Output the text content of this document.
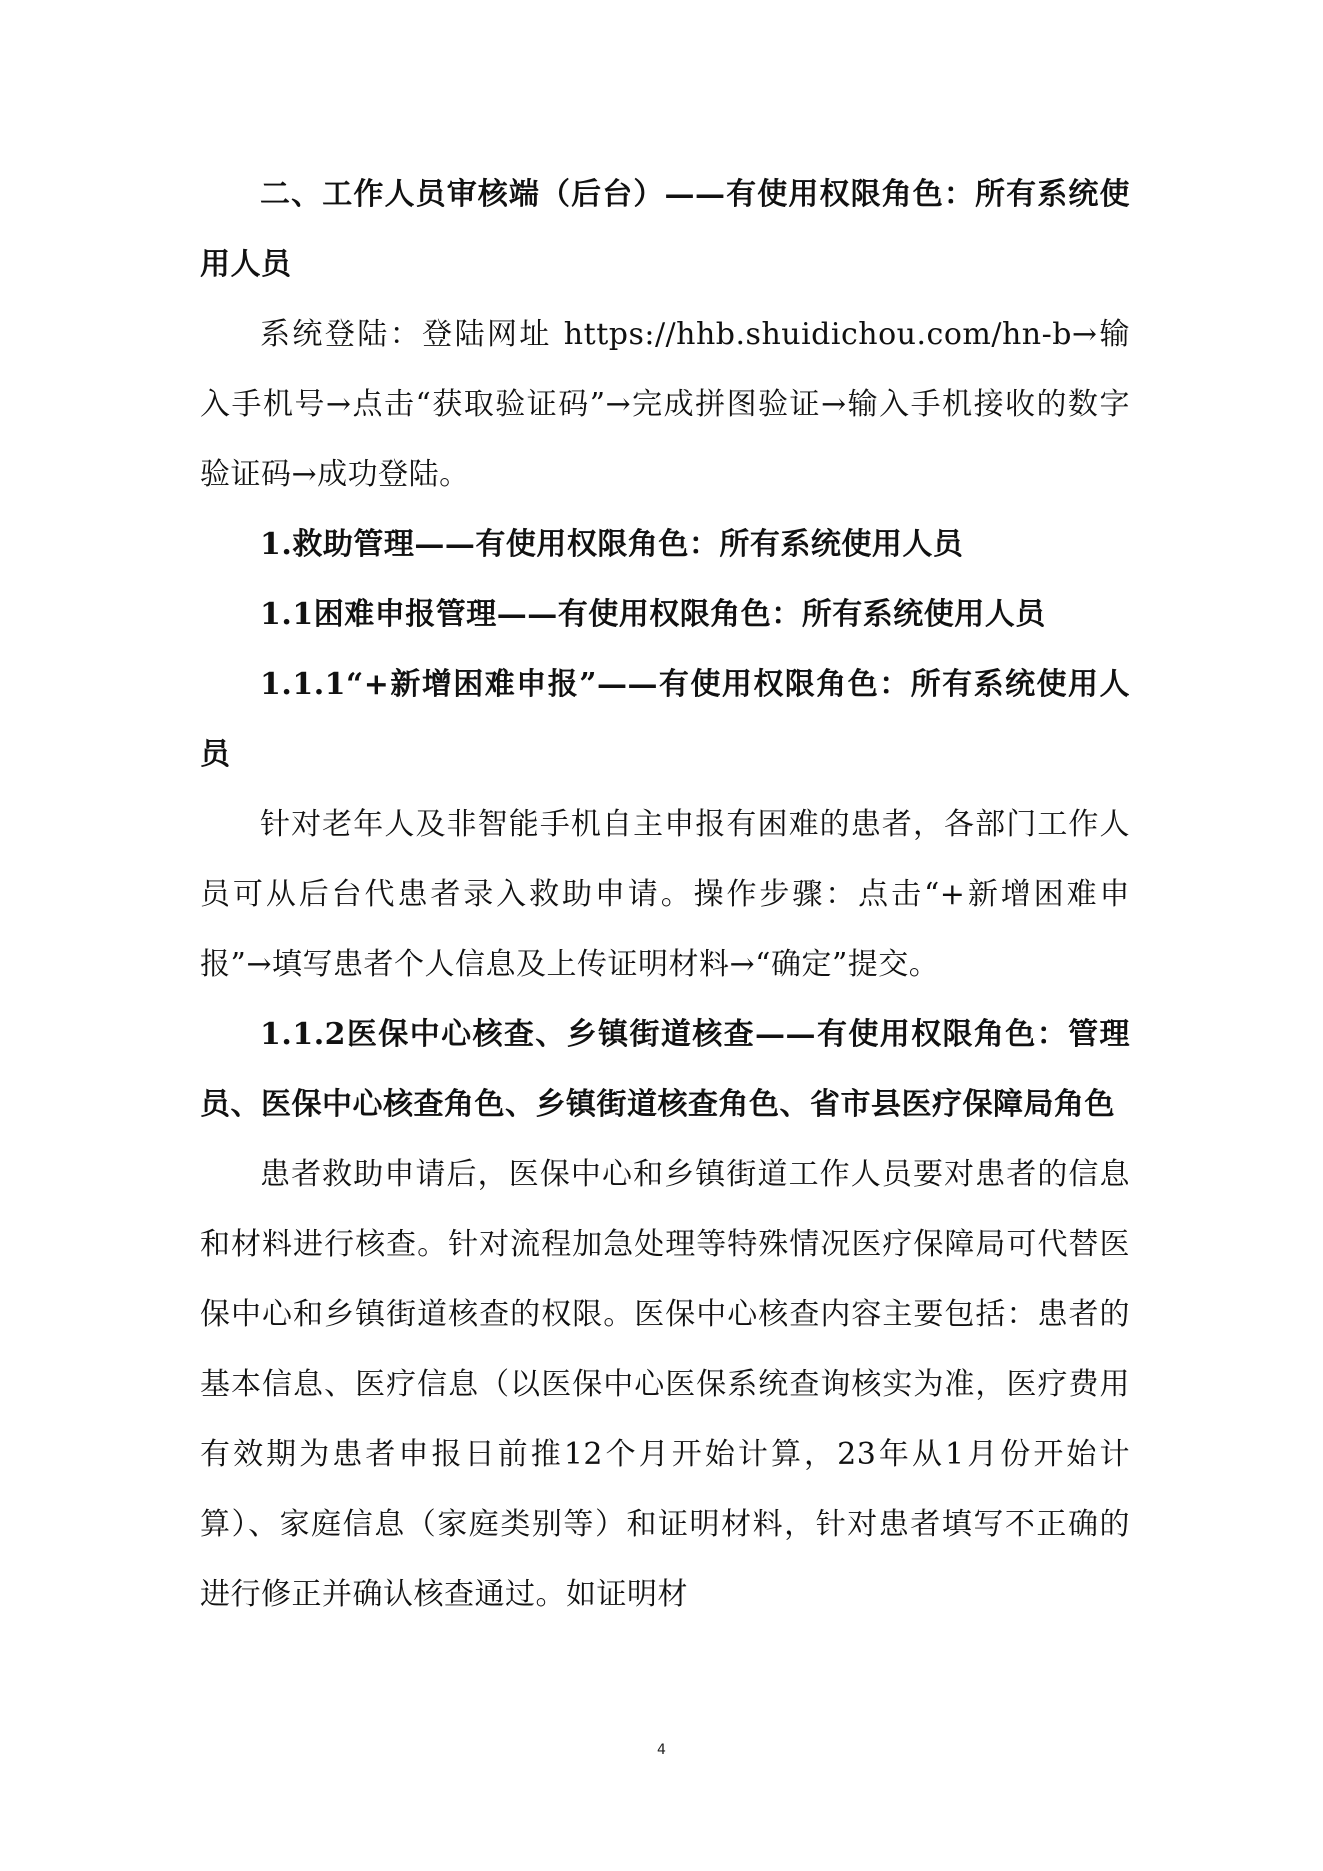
二、工作人员审核端（后台）——有使用权限角色：所有系统使用人员

系统登陆：登陆网址 https://hhb.shuidichou.com/hn-b→输入手机号→点击“获取验证码”→完成拼图验证→输入手机接收的数字验证码→成功登陆。

1.救助管理——有使用权限角色：所有系统使用人员

1.1困难申报管理——有使用权限角色：所有系统使用人员

1.1.1“+新增困难申报”——有使用权限角色：所有系统使用人员

针对老年人及非智能手机自主申报有困难的患者，各部门工作人员可从后台代患者录入救助申请。操作步骤：点击“+新增困难申报”→填写患者个人信息及上传证明材料→“确定”提交。

1.1.2医保中心核查、乡镇街道核查——有使用权限角色：管理员、医保中心核查角色、乡镇街道核查角色、省市县医疗保障局角色

患者救助申请后，医保中心和乡镇街道工作人员要对患者的信息和材料进行核查。针对流程加急处理等特殊情况医疗保障局可代替医保中心和乡镇街道核查的权限。医保中心核查内容主要包括：患者的基本信息、医疗信息（以医保中心医保系统查询核实为准，医疗费用有效期为患者申报日前推12个月开始计算，23年从1月份开始计算）、家庭信息（家庭类别等）和证明材料，针对患者填写不正确的进行修正并确认核查通过。如证明材

4
